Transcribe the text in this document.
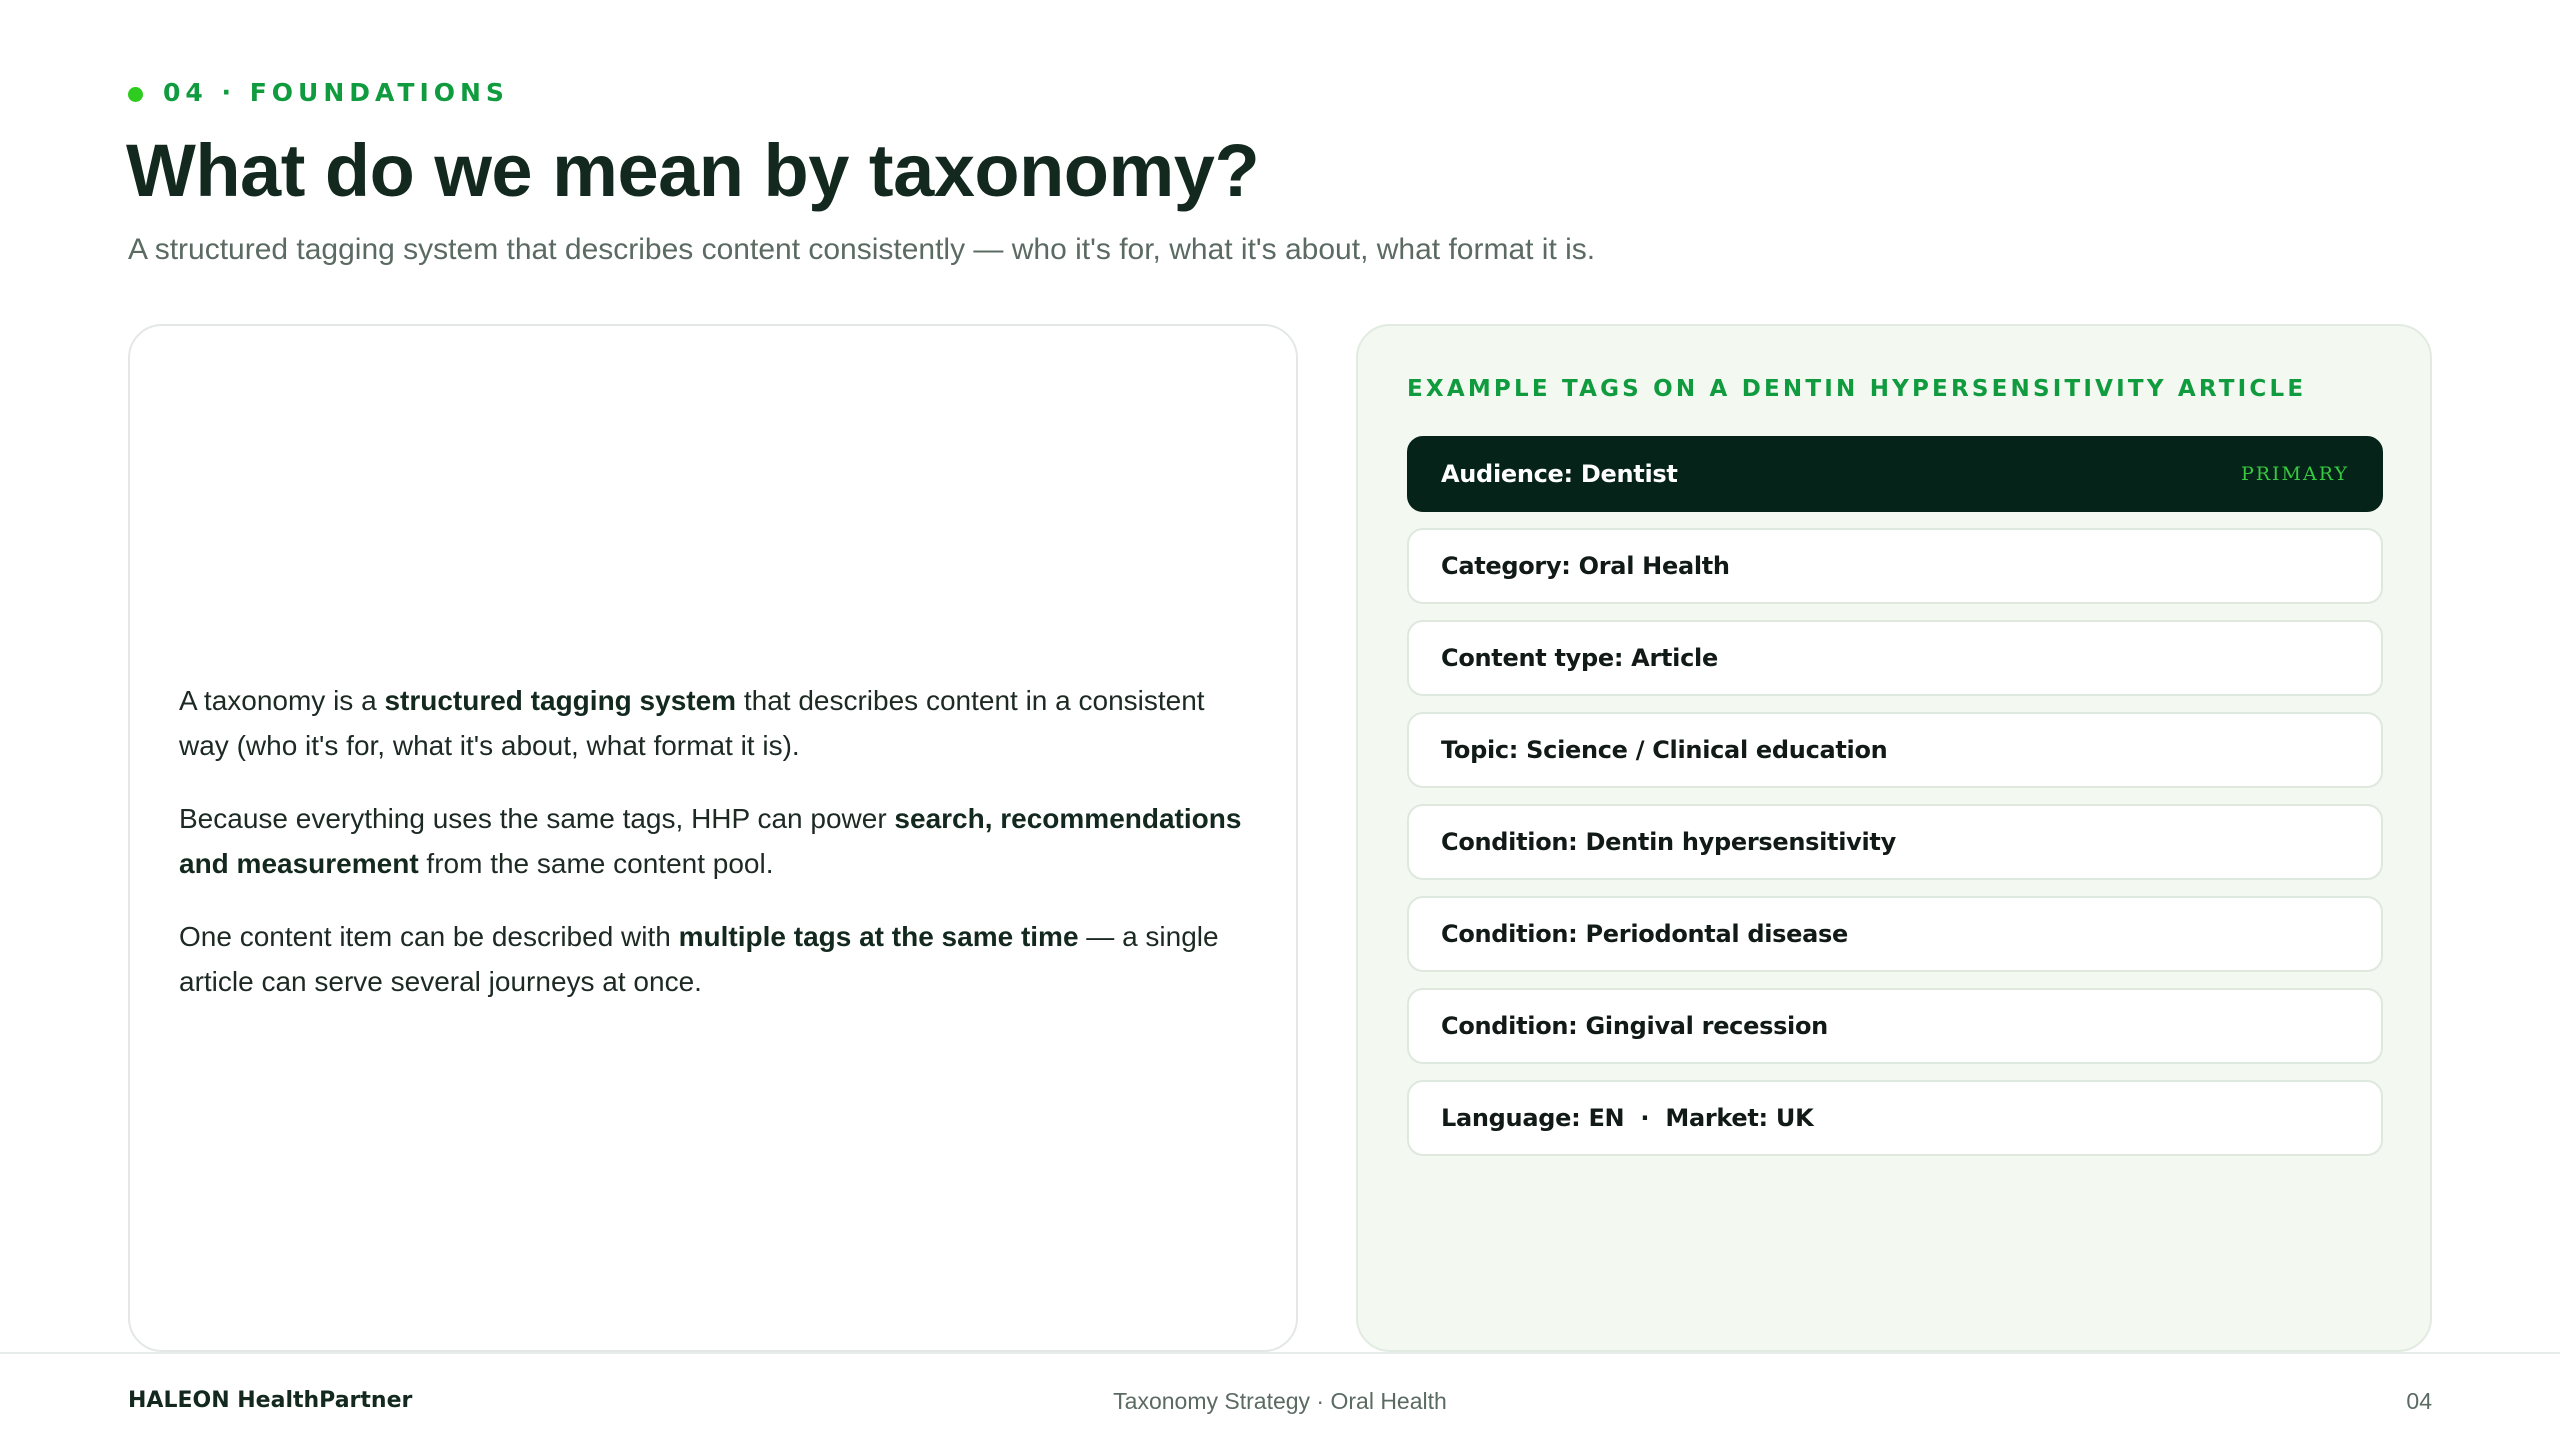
04 · FOUNDATIONS
What do we mean by taxonomy?
A structured tagging system that describes content consistently — who it's for, what it's about, what format it is.

A taxonomy is a structured tagging system that describes content in a consistent way (who it's for, what it's about, what format it is).

Because everything uses the same tags, HHP can power search, recommendations and measurement from the same content pool.

One content item can be described with multiple tags at the same time — a single article can serve several journeys at once.

EXAMPLE TAGS ON A DENTIN HYPERSENSITIVITY ARTICLE
Audience: Dentist	PRIMARY
Category: Oral Health
Content type: Article
Topic: Science / Clinical education
Condition: Dentin hypersensitivity
Condition: Periodontal disease
Condition: Gingival recession
Language: EN  ·  Market: UK
HALEON HealthPartner	Taxonomy Strategy · Oral Health	04
